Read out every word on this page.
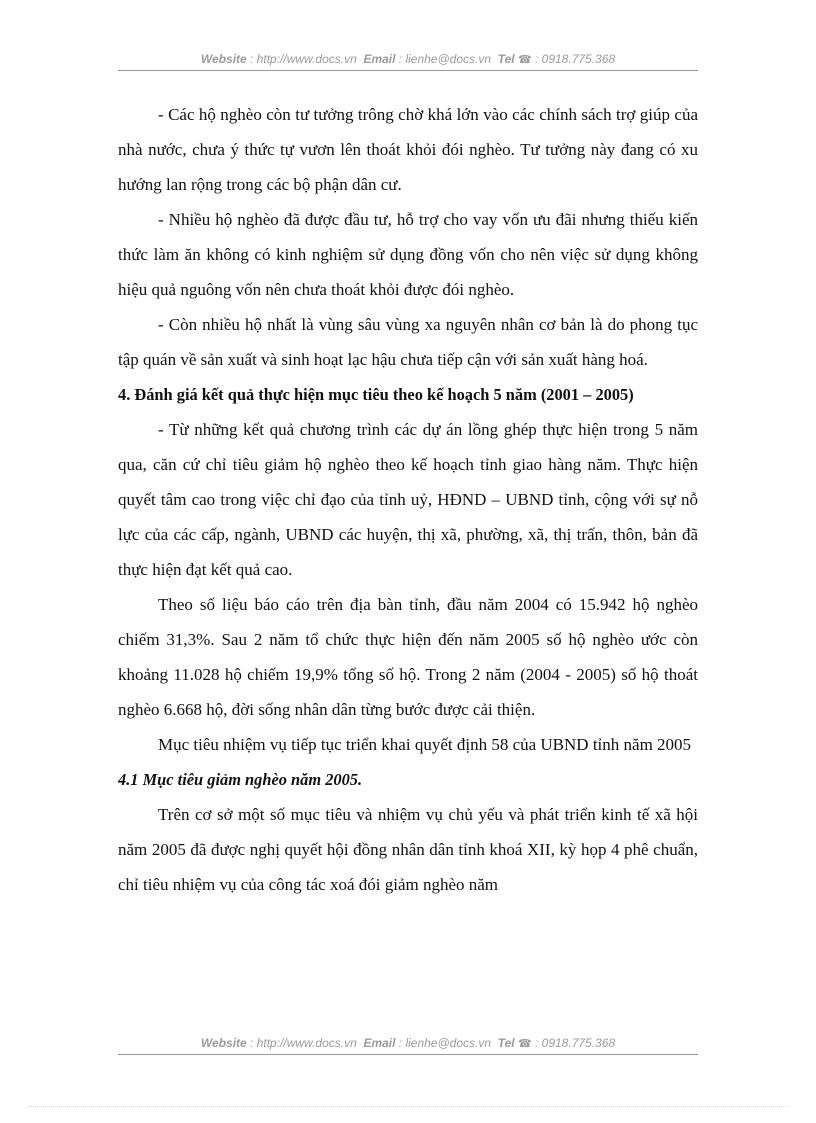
Website : http://www.docs.vn  Email : lienhe@docs.vn  Tel ☎ : 0918.775.368

- Các hộ nghèo còn tư tưởng trông chờ khá lớn vào các chính sách trợ giúp của nhà nước, chưa ý thức tự vươn lên thoát khỏi đói nghèo. Tư tưởng này đang có xu hướng lan rộng trong các bộ phận dân cư.

- Nhiều hộ nghèo đã được đầu tư, hỗ trợ cho vay vốn ưu đãi nhưng thiếu kiến thức làm ăn không có kinh nghiệm sử dụng đồng vốn cho nên việc sử dụng không hiệu quả nguông vốn nên chưa thoát khỏi được đói nghèo.

- Còn nhiều hộ nhất là vùng sâu vùng xa nguyên nhân cơ bản là do phong tục tập quán về sản xuất và sinh hoạt lạc hậu chưa tiếp cận với sản xuất hàng hoá.

4. Đánh giá kết quả thực hiện mục tiêu theo kế hoạch 5 năm (2001 – 2005)

- Từ những kết quả chương trình các dự án lồng ghép thực hiện trong 5 năm qua, căn cứ chỉ tiêu giảm hộ nghèo theo kế hoạch tỉnh giao hàng năm. Thực hiện quyết tâm cao trong việc chỉ đạo của tỉnh uỷ, HĐND – UBND tỉnh, cộng với sự nỗ lực của các cấp, ngành, UBND các huyện, thị xã, phường, xã, thị trấn, thôn, bản đã thực hiện đạt kết quả cao.

Theo số liệu báo cáo trên địa bàn tỉnh, đầu năm 2004 có 15.942 hộ nghèo chiếm 31,3%. Sau 2 năm tổ chức thực hiện đến năm 2005 số hộ nghèo ước còn khoảng 11.028 hộ chiếm 19,9% tổng số hộ. Trong 2 năm (2004 - 2005) số hộ thoát nghèo 6.668 hộ, đời sống nhân dân từng bước được cải thiện.

Mục tiêu nhiệm vụ tiếp tục triển khai quyết định 58 của UBND tỉnh năm 2005

4.1 Mục tiêu giảm nghèo năm 2005.

Trên cơ sở một số mục tiêu và nhiệm vụ chủ yếu và phát triển kinh tế xã hội năm 2005 đã được nghị quyết hội đồng nhân dân tỉnh khoá XII, kỳ họp 4 phê chuẩn, chỉ tiêu nhiệm vụ của công tác xoá đói giảm nghèo năm

Website : http://www.docs.vn  Email : lienhe@docs.vn  Tel ☎ : 0918.775.368
